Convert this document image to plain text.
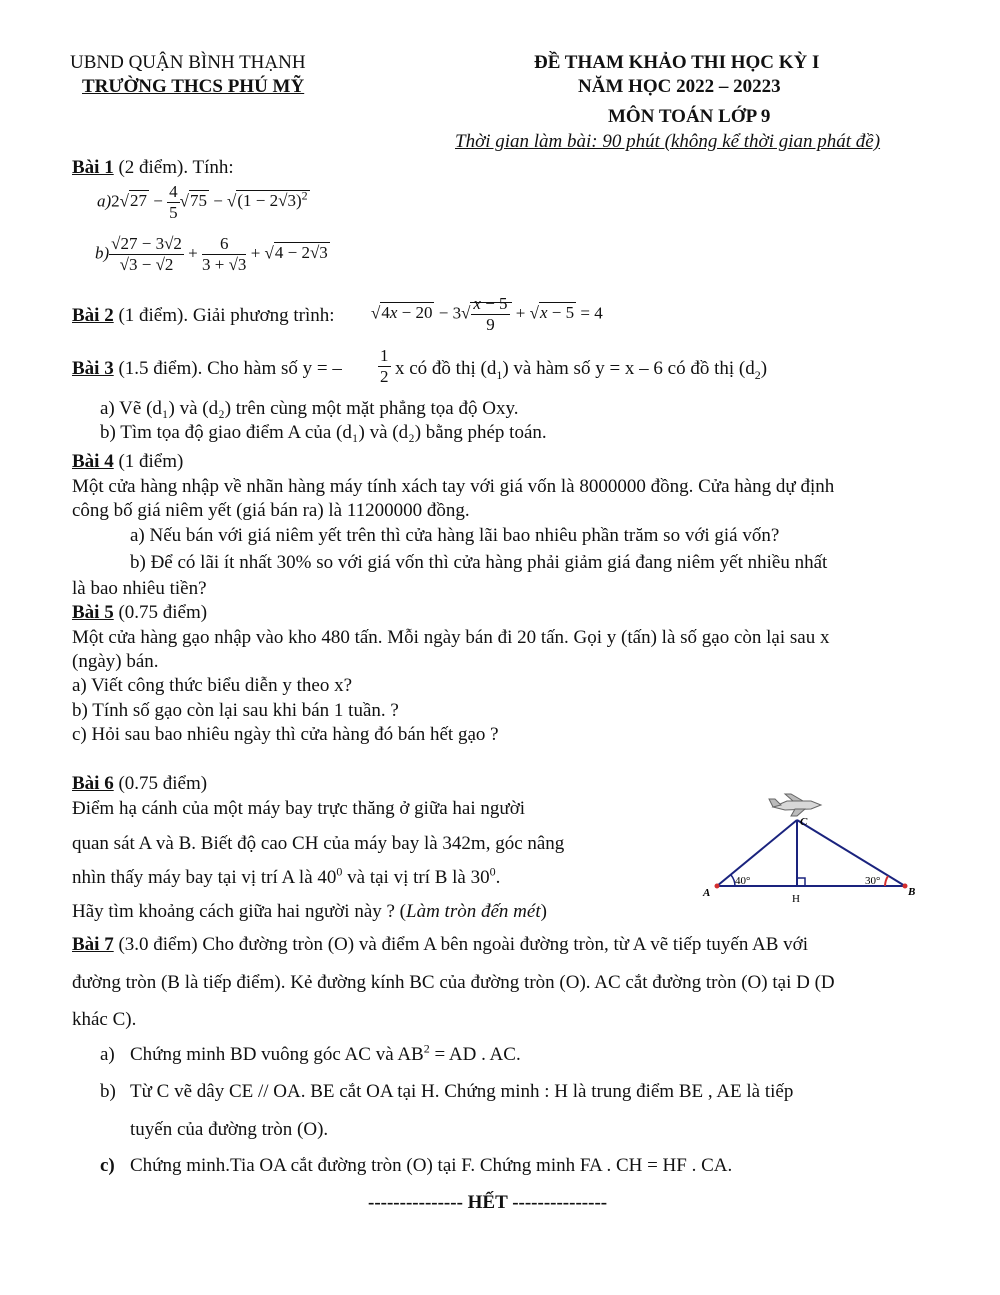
UBND QUẬN BÌNH THẠNH
TRƯỜNG THCS PHÚ MỸ
ĐỀ THAM KHẢO THI HỌC KỲ I
NĂM HỌC 2022 – 20223
MÔN TOÁN LỚP 9
Thời gian làm bài: 90 phút (không kể thời gian phát đề)
Bài 1 (2 điểm). Tính:
$a)2√27 - \frac{4}{5} √75 - √(1 - 2√3)^2$
$b) \frac{√27 - 3√2}{√3 - √2} + \frac{6}{3 + √3} + √4 - 2√3$
Bài 2 (1 điểm). Giải phương trình: $√4x - 20 - 3√ \frac{x - 5}{9} + √x - 5 = 4$
Bài 3 (1.5 điểm). Cho hàm số y = – $\frac{1}{2}$ x có đồ thị $(d_1)$ và hàm số y = x – 6 có đồ thị $(d_2)$
a) Vẽ (d₁) và (d₂) trên cùng một mặt phẳng tọa độ Oxy.
b) Tìm tọa độ giao điểm A của (d₁) và (d₂) bằng phép toán.
Bài 4 (1 điểm)
Một cửa hàng nhập về nhãn hàng máy tính xách tay với giá vốn là 8000000 đồng. Cửa hàng dự định
công bố giá niêm yết (giá bán ra) là 11200000 đồng.
a) Nếu bán với giá niêm yết trên thì cửa hàng lãi bao nhiêu phần trăm so với giá vốn?
b) Để có lãi ít nhất 30% so với giá vốn thì cửa hàng phải giảm giá đang niêm yết nhiều nhất
là bao nhiêu tiền?
Bài 5 (0.75 điểm)
Một cửa hàng gạo nhập vào kho 480 tấn. Mỗi ngày bán đi 20 tấn. Gọi y (tấn) là số gạo còn lại sau x
(ngày) bán.
a) Viết công thức biểu diễn y theo x?
b) Tính số gạo còn lại sau khi bán 1 tuần. ?
c) Hỏi sau bao nhiêu ngày thì cửa hàng đó bán hết gạo ?
Bài 6 (0.75 điểm)
Điểm hạ cánh của một máy bay trực thăng ở giữa hai người
quan sát A và B. Biết độ cao CH của máy bay là 342m, góc nâng
nhìn thấy máy bay tại vị trí A là $40^0$ và tại vị trí B là $30^0$.
Hãy tìm khoảng cách giữa hai người này ? (Làm tròn đến mét)
A	B
C
H
40°	30°
Bài 7 (3.0 điểm) Cho đường tròn (O) và điểm A bên ngoài đường tròn, từ A vẽ tiếp tuyến AB với
đường tròn (B là tiếp điểm). Kẻ đường kính BC của đường tròn (O). AC cắt đường tròn (O) tại D (D
khác C).
a) Chứng minh BD vuông góc AC và $AB^2$ = AD . AC.
b) Từ C vẽ dây CE // OA. BE cắt OA tại H. Chứng minh : H là trung điểm BE , AE là tiếp
tuyến của đường tròn (O).
c) Chứng minh.Tia OA cắt đường tròn (O) tại F. Chứng minh FA . CH = HF . CA.
--------------- HẾT ---------------
